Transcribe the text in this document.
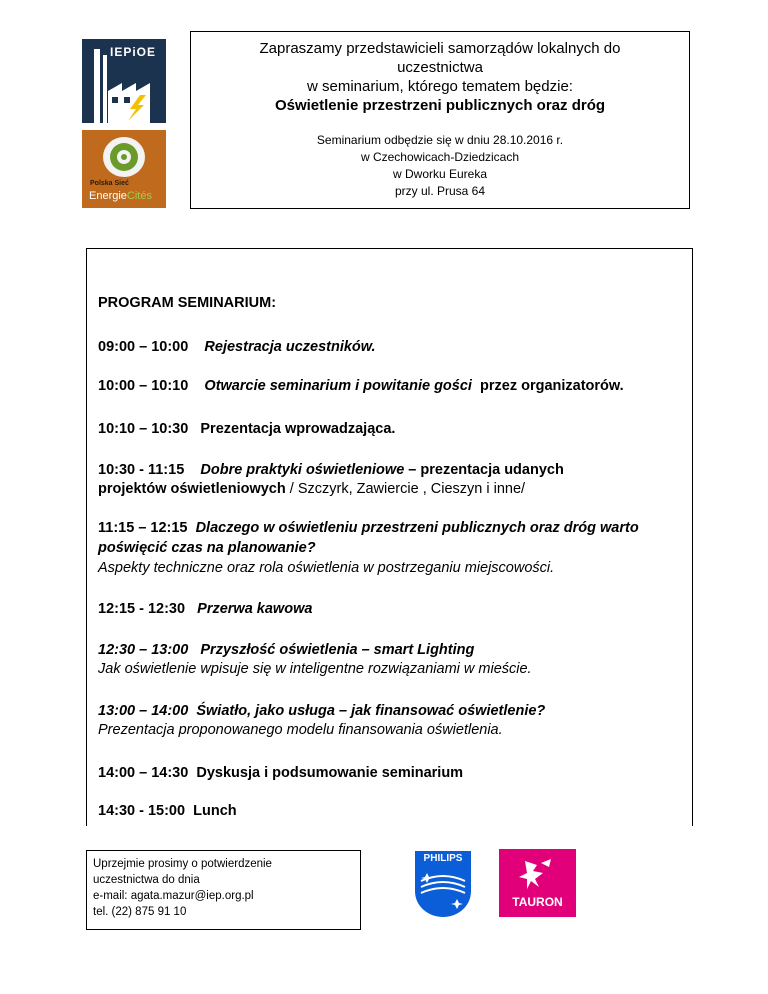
IEPiOE
Polska Sieć
EnergieCités
Zapraszamy przedstawicieli samorządów lokalnych do uczestnictwa
w seminarium, którego tematem będzie:
Oświetlenie przestrzeni publicznych oraz dróg
Seminarium odbędzie się w dniu 28.10.2016 r.
w Czechowicach-Dziedzicach
w Dworku Eureka
przy ul. Prusa 64
PROGRAM SEMINARIUM:
09:00 – 10:00 Rejestracja uczestników.
10:00 – 10:10 Otwarcie seminarium i powitanie gości przez organizatorów.
10:10 – 10:30 Prezentacja wprowadzająca.
10:30 - 11:15 Dobre praktyki oświetleniowe – prezentacja udanych
projektów oświetleniowych / Szczyrk, Zawiercie , Cieszyn i inne/
11:15 – 12:15 Dlaczego w oświetleniu przestrzeni publicznych oraz dróg warto
poświęcić czas na planowanie?
Aspekty techniczne oraz rola oświetlenia w postrzeganiu miejscowości.
12:15 - 12:30 Przerwa kawowa
12:30 – 13:00 Przyszłość oświetlenia – smart Lighting
Jak oświetlenie wpisuje się w inteligentne rozwiązaniami w mieście.
13:00 – 14:00 Światło, jako usługa – jak finansować oświetlenie?
Prezentacja proponowanego modelu finansowania oświetlenia.
14:00 – 14:30 Dyskusja i podsumowanie seminarium
14:30 - 15:00 Lunch
Uprzejmie prosimy o potwierdzenie
uczestnictwa do dnia
e-mail: agata.mazur@iep.org.pl
tel. (22) 875 91 10
PHILIPS
TAURON
